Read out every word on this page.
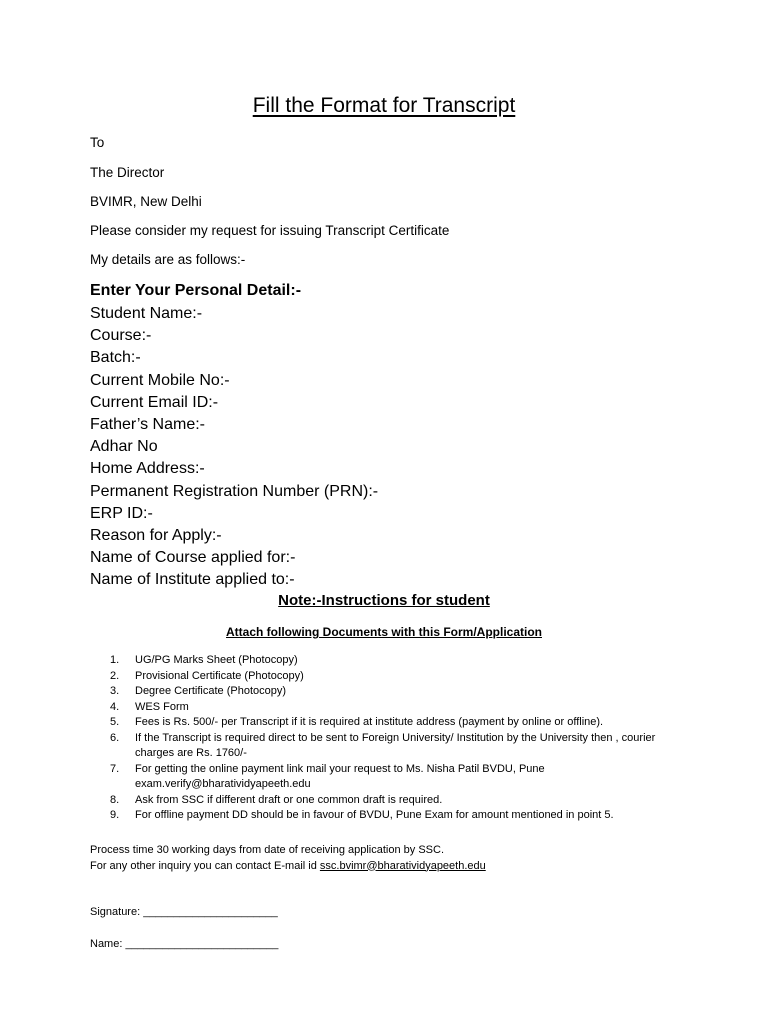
Fill the Format for Transcript
To
The Director
BVIMR, New Delhi
Please consider my request for issuing Transcript Certificate
My details are as follows:-
Enter Your Personal Detail:-
Student Name:-
Course:-
Batch:-
Current Mobile No:-
Current Email ID:-
Father’s Name:-
Adhar No
Home Address:-
Permanent Registration Number (PRN):-
ERP ID:-
Reason for Apply:-
Name of Course applied for:-
Name of Institute applied to:-
Note:-Instructions for student
Attach following Documents with this Form/Application
1.	UG/PG Marks Sheet (Photocopy)
2.	Provisional Certificate (Photocopy)
3.	Degree Certificate (Photocopy)
4.	WES Form
5.	Fees is Rs. 500/- per Transcript if it is required at institute address (payment by online or offline).
6.	If the Transcript is required direct to be sent to Foreign University/ Institution by the University then , courier charges are Rs. 1760/-
7.	For getting the online payment link mail your request to Ms. Nisha Patil BVDU, Pune exam.verify@bharatividyapeeth.edu
8.	Ask from SSC if different draft or one common draft is required.
9.	For offline payment DD should be in favour of BVDU, Pune Exam for amount mentioned in point 5.
Process time 30 working days from date of receiving application by SSC.
For any other inquiry you can contact E-mail id ssc.bvimr@bharatividyapeeth.edu
Signature: ______________________
Name: _________________________
